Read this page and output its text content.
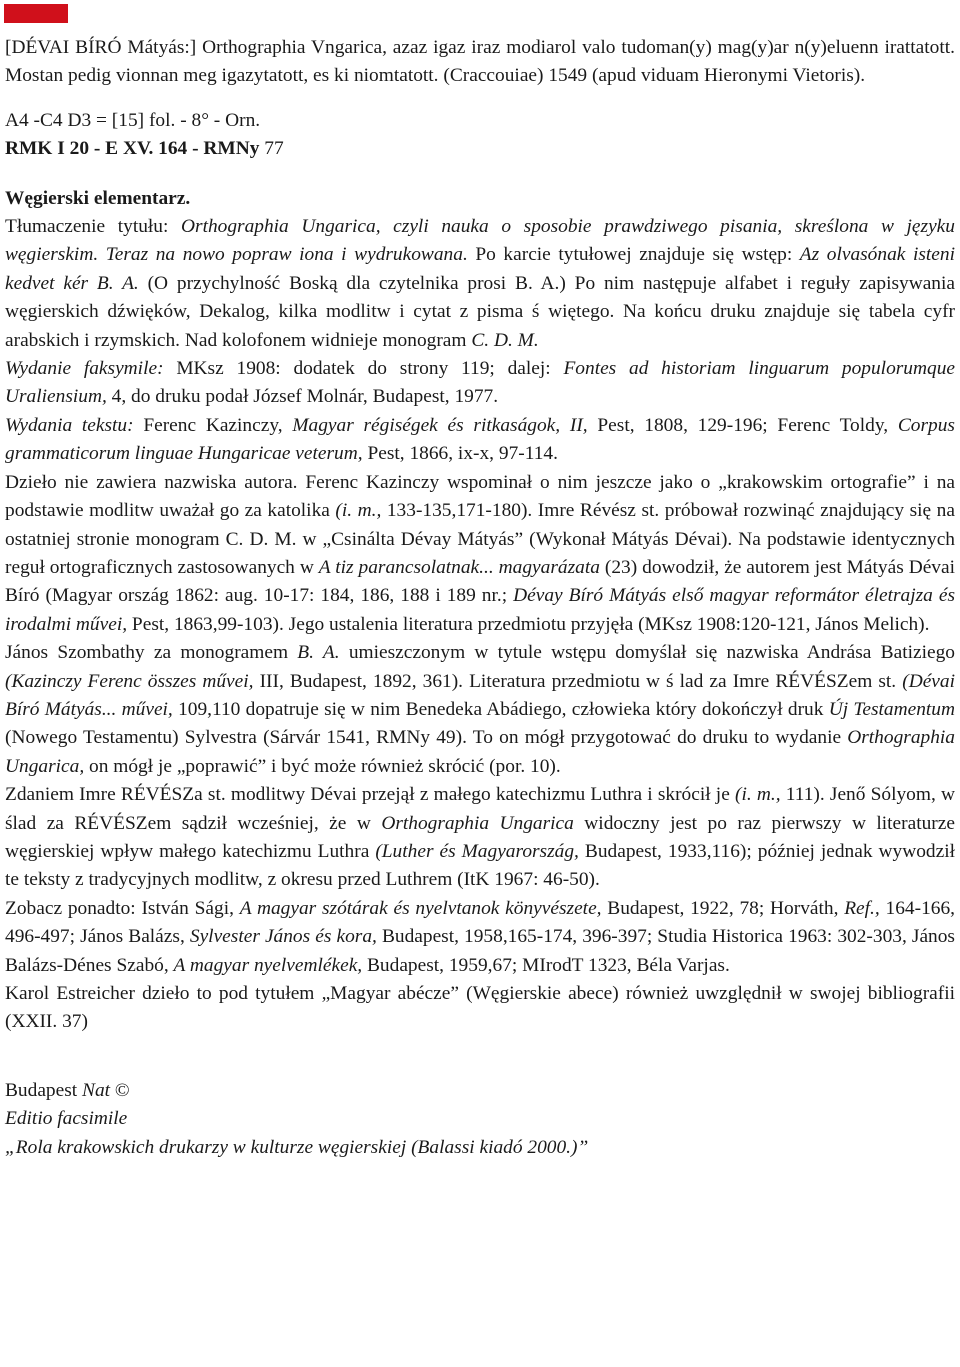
[DÉVAI BÍRÓ Mátyás:] Orthographia Vngarica, azaz igaz iraz modiarol valo tudoman(y) mag(y)ar n(y)eluenn irattatott. Mostan pedig vionnan meg igazytatott, es ki niomtatott. (Craccouiae) 1549 (apud viduam Hieronymi Vietoris).

A4 -C4 D3 = [15] fol. - 8° - Orn.

RMK I 20 - E XV. 164 - RMNy 77

Węgierski elementarz.

Tłumaczenie tytułu: Orthographia Ungarica, czyli nauka o sposobie prawdziwego pisania, skreślona w języku węgierskim. Teraz na nowo popraw iona i wydrukowana. Po karcie tytułowej znajduje się wstęp: Az olvasónak isteni kedvet kér B. A. (O przychylność Boską dla czytelnika prosi B. A.) Po nim następuje alfabet i reguły zapisywania węgierskich dźwięków, Dekalog, kilka modlitw i cytat z pisma ś więtego. Na końcu druku znajduje się tabela cyfr arabskich i rzymskich. Nad kolofonem widnieje monogram C. D. M.

Wydanie faksymile: MKsz 1908: dodatek do strony 119; dalej: Fontes ad historiam linguarum populorumque Uraliensium, 4, do druku podał József Molnár, Budapest, 1977.

Wydania tekstu: Ferenc Kazinczy, Magyar régiségek és ritkaságok, II, Pest, 1808, 129-196; Ferenc Toldy, Corpus grammaticorum linguae Hungaricae veterum, Pest, 1866, ix-x, 97-114.

Dzieło nie zawiera nazwiska autora. Ferenc Kazinczy wspominał o nim jeszcze jako o „krakowskim ortografie” i na podstawie modlitw uważał go za katolika (i. m., 133-135,171-180). Imre Révész st. próbował rozwinąć znajdujący się na ostatniej stronie monogram C. D. M. w „Csinálta Dévay Mátyás” (Wykonał Mátyás Dévai). Na podstawie identycznych reguł ortograficznych zastosowanych w A tiz parancsolatnak... magyarázata (23) dowodził, że autorem jest Mátyás Dévai Bíró (Magyar ország 1862: aug. 10-17: 184, 186, 188 i 189 nr.; Dévay Bíró Mátyás első magyar reformátor életrajza és irodalmi művei, Pest, 1863,99-103). Jego ustalenia literatura przedmiotu przyjęła (MKsz 1908:120-121, János Melich).

János Szombathy za monogramem B. A. umieszczonym w tytule wstępu domyślał się nazwiska Andrása Batiziego (Kazinczy Ferenc összes művei, III, Budapest, 1892, 361). Literatura przedmiotu w ś lad za Imre RÉVÉSZem st. (Dévai Bíró Mátyás... művei, 109,110 dopatruje się w nim Benedeka Abádiego, człowieka który dokończył druk Új Testamentum (Nowego Testamentu) Sylvestra (Sárvár 1541, RMNy 49). To on mógł przygotować do druku to wydanie Orthographia Ungarica, on mógł je „poprawić” i być może również skrócić (por. 10).

Zdaniem Imre RÉVÉSZa st. modlitwy Dévai przejął z małego katechizmu Luthra i skrócił je (i. m., 111). Jenő Sólyom, w ślad za RÉVÉSZem sądził wcześniej, że w Orthographia Ungarica widoczny jest po raz pierwszy w literaturze węgierskiej wpływ małego katechizmu Luthra (Luther és Magyarország, Budapest, 1933,116); później jednak wywodził te teksty z tradycyjnych modlitw, z okresu przed Luthrem (ItK 1967: 46-50).

Zobacz ponadto: István Sági, A magyar szótárak és nyelvtanok könyvészete, Budapest, 1922, 78; Horváth, Ref., 164-166, 496-497; János Balázs, Sylvester János és kora, Budapest, 1958,165-174, 396-397; Studia Historica 1963: 302-303, János Balázs-Dénes Szabó, A magyar nyelvemlékek, Budapest, 1959,67; MIrodT 1323, Béla Varjas.

Karol Estreicher dzieło to pod tytułem „Magyar abécze” (Węgierskie abece) również uwzględnił w swojej bibliografii (XXII. 37)

Budapest Nat ©

Editio facsimile

„Rola krakowskich drukarzy w kulturze węgierskiej (Balassi kiadó 2000.)”
